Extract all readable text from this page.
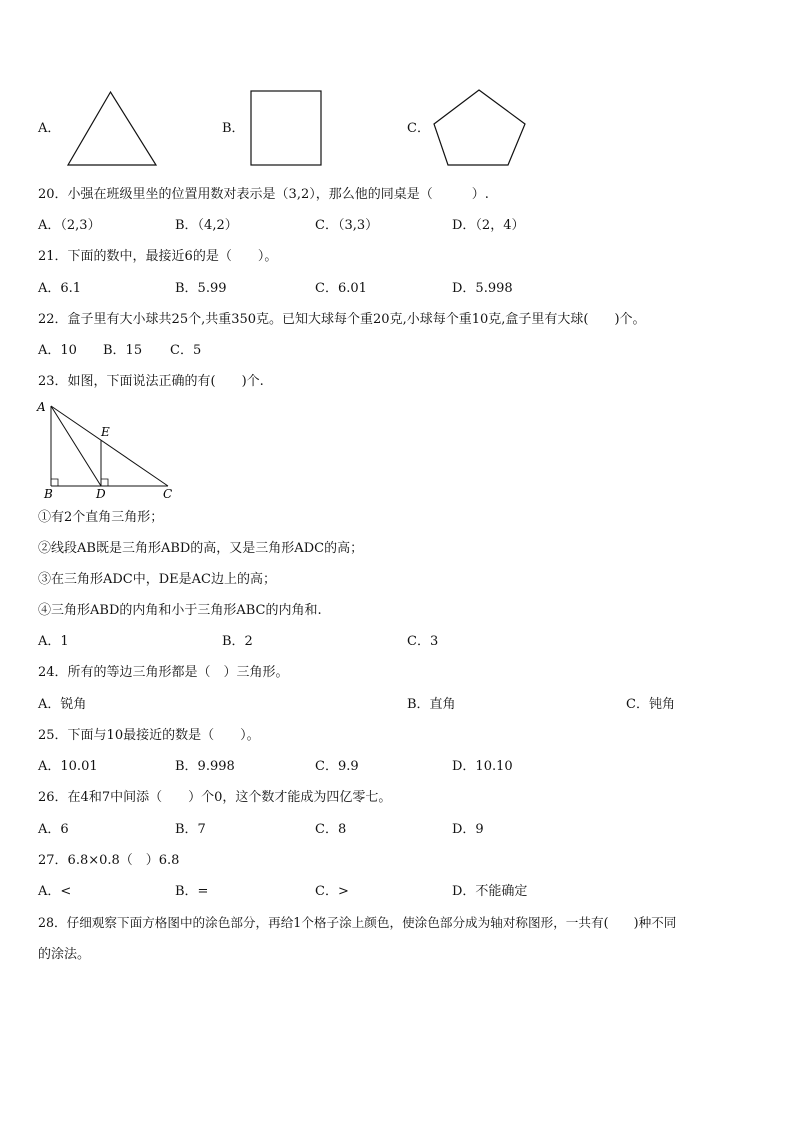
A．	B．	C．
20．小强在班级里坐的位置用数对表示是（3,2），那么他的同桌是（　　　）.
A．（2,3）	B．（4,2）	C．（3,3）	D．（2，4）
21．下面的数中，最接近6的是（　　）。
A．6.1	B．5.99	C．6.01	D．5.998
22．盒子里有大小球共25个,共重350克。已知大球每个重20克,小球每个重10克,盒子里有大球(　　)个。
A．10 B．15 C．5
23．如图，下面说法正确的有(　　)个.
A
E
B	D	C
①有2个直角三角形；
②线段AB既是三角形ABD的高，又是三角形ADC的高；
③在三角形ADC中，DE是AC边上的高；
④三角形ABD的内角和小于三角形ABC的内角和.
A．1	B．2	C．3
24．所有的等边三角形都是（　）三角形。
A．锐角	B．直角	C．钝角
25．下面与10最接近的数是（　　）。
A．10.01	B．9.998	C．9.9	D．10.10
26．在4和7中间添（　　）个0，这个数才能成为四亿零七。
A．6	B．7	C．8	D．9
27．6.8×0.8（　）6.8
A．<	B．=	C．>	D．不能确定
28．仔细观察下面方格图中的涂色部分，再给1个格子涂上颜色，使涂色部分成为轴对称图形，一共有(　　)种不同
的涂法。
